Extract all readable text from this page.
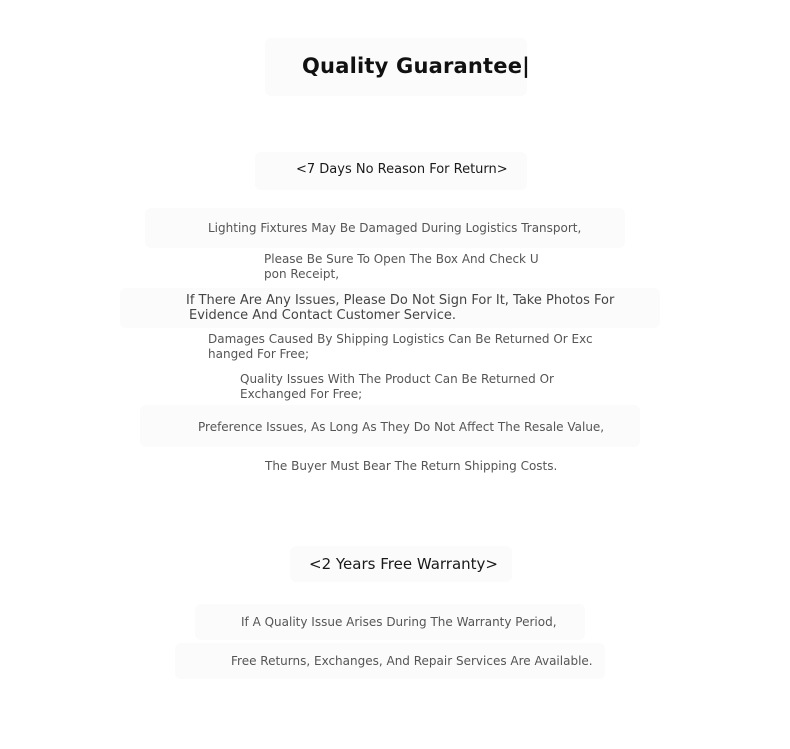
Quality Guarantee|
<7 Days No Reason For Return>
Lighting Fixtures May Be Damaged During Logistics Transport,
Please Be Sure To Open The Box And Check U
pon Receipt,
If There Are Any Issues, Please Do Not Sign For It, Take Photos For
Evidence And Contact Customer Service.
Damages Caused By Shipping Logistics Can Be Returned Or Exc
hanged For Free;
Quality Issues With The Product Can Be Returned Or
Exchanged For Free;
Preference Issues, As Long As They Do Not Affect The Resale Value,
The Buyer Must Bear The Return Shipping Costs.
<2 Years Free Warranty>
If A Quality Issue Arises During The Warranty Period,
Free Returns, Exchanges, And Repair Services Are Available.
